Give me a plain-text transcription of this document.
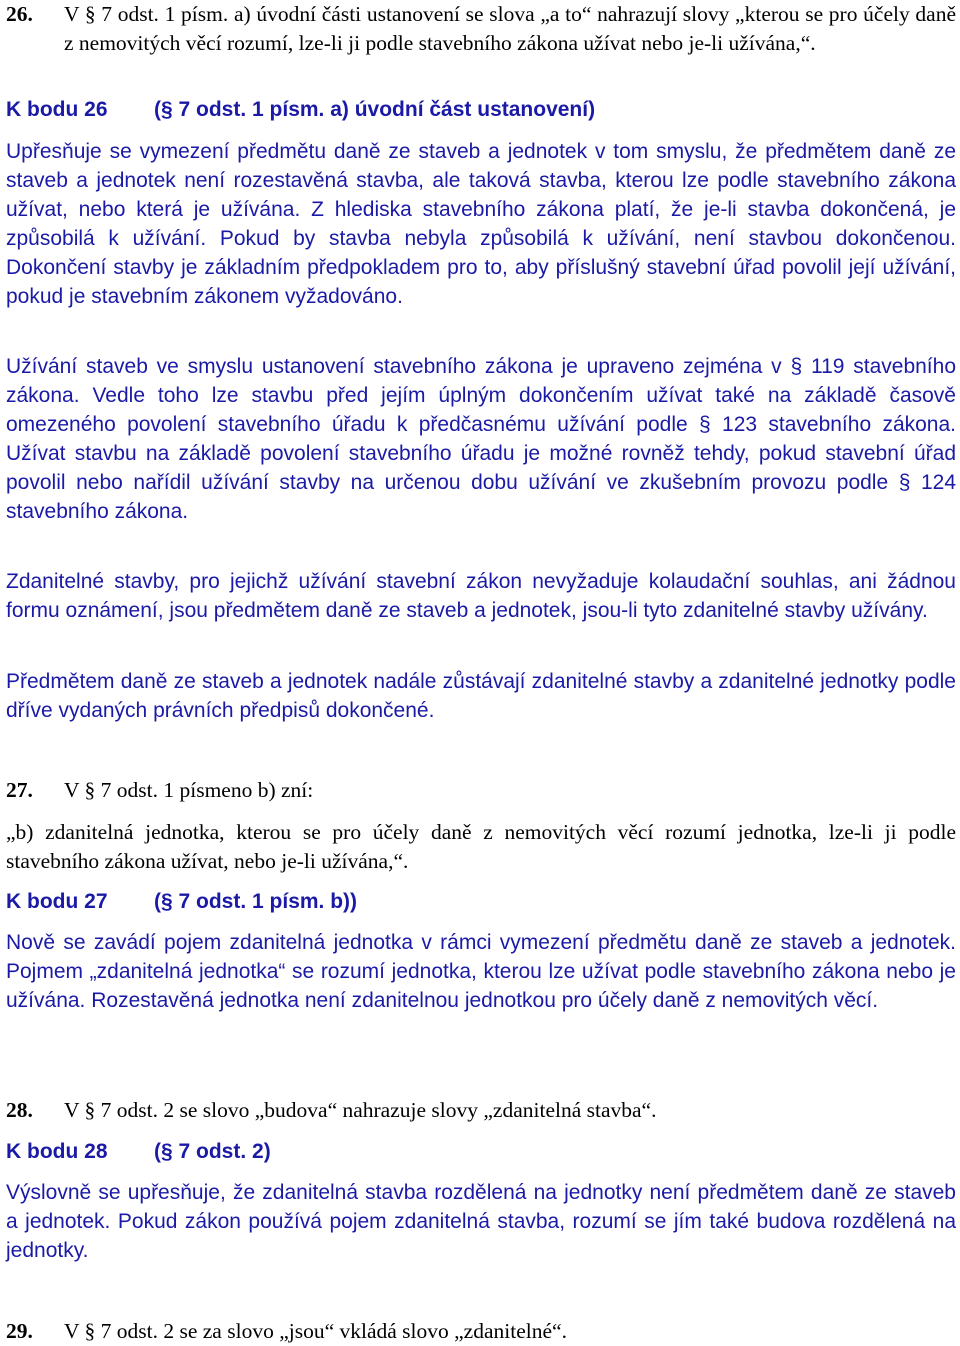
26.	V § 7 odst. 1 písm. a) úvodní části ustanovení se slova „a to“ nahrazují slovy „kterou se pro účely daně z nemovitých věcí rozumí, lze-li ji podle stavebního zákona užívat nebo je-li užívána,“.
K bodu 26 (§ 7 odst. 1 písm. a) úvodní část ustanovení)

Upřesňuje se vymezení předmětu daně ze staveb a jednotek v tom smyslu, že předmětem daně ze staveb a jednotek není rozestavěná stavba, ale taková stavba, kterou lze podle stavebního zákona užívat, nebo která je užívána. Z hlediska stavebního zákona platí, že je-li stavba dokončená, je způsobilá k užívání. Pokud by stavba nebyla způsobilá k užívání, není stavbou dokončenou. Dokončení stavby je základním předpokladem pro to, aby příslušný stavební úřad povolil její užívání, pokud je stavebním zákonem vyžadováno.

Užívání staveb ve smyslu ustanovení stavebního zákona je upraveno zejména v § 119 stavebního zákona. Vedle toho lze stavbu před jejím úplným dokončením užívat také na základě časově omezeného povolení stavebního úřadu k předčasnému užívání podle § 123 stavebního zákona. Užívat stavbu na základě povolení stavebního úřadu je možné rovněž tehdy, pokud stavební úřad povolil nebo nařídil užívání stavby na určenou dobu užívání ve zkušebním provozu podle § 124 stavebního zákona.

Zdanitelné stavby, pro jejichž užívání stavební zákon nevyžaduje kolaudační souhlas, ani žádnou formu oznámení, jsou předmětem daně ze staveb a jednotek, jsou-li tyto zdanitelné stavby užívány.

Předmětem daně ze staveb a jednotek nadále zůstávají zdanitelné stavby a zdanitelné jednotky podle dříve vydaných právních předpisů dokončené.

27.	V § 7 odst. 1 písmeno b) zní:

„b) zdanitelná jednotka, kterou se pro účely daně z nemovitých věcí rozumí jednotka, lze-li ji podle stavebního zákona užívat, nebo je-li užívána,“.

K bodu 27 (§ 7 odst. 1 písm. b))

Nově se zavádí pojem zdanitelná jednotka v rámci vymezení předmětu daně ze staveb a jednotek. Pojmem „zdanitelná jednotka“ se rozumí jednotka, kterou lze užívat podle stavebního zákona nebo je užívána. Rozestavěná jednotka není zdanitelnou jednotkou pro účely daně z nemovitých věcí.

28.	V § 7 odst. 2 se slovo „budova“ nahrazuje slovy „zdanitelná stavba“.
K bodu 28 (§ 7 odst. 2)

Výslovně se upřesňuje, že zdanitelná stavba rozdělená na jednotky není předmětem daně ze staveb a jednotek. Pokud zákon používá pojem zdanitelná stavba, rozumí se jím také budova rozdělená na jednotky.

29.	V § 7 odst. 2 se za slovo „jsou“ vkládá slovo „zdanitelné“.
